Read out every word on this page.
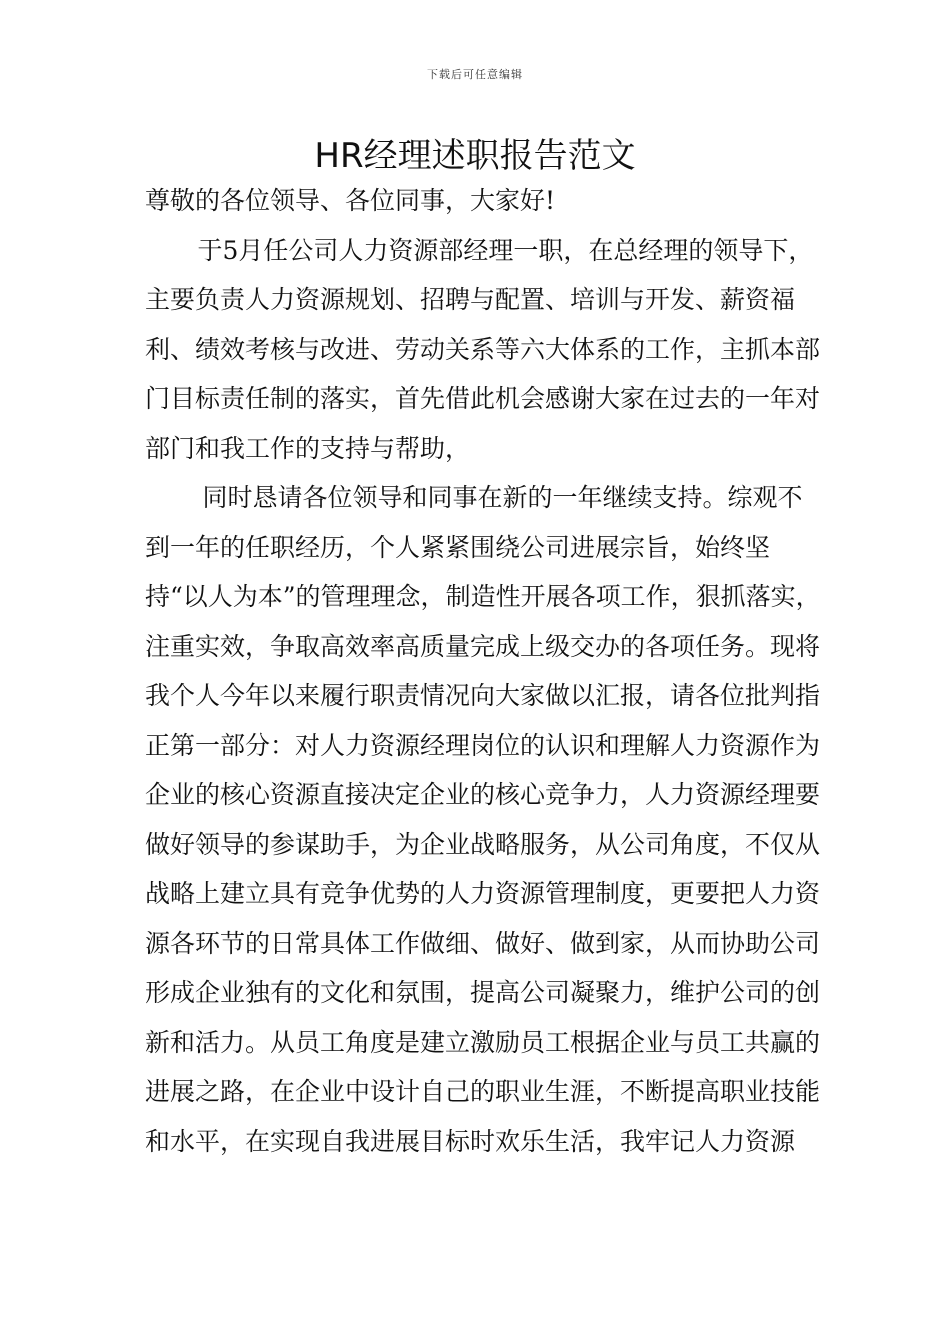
下载后可任意编辑
HR经理述职报告范文

尊敬的各位领导、各位同事，大家好!

于5月任公司人力资源部经理一职，在总经理的领导下，主要负责人力资源规划、招聘与配置、培训与开发、薪资福利、绩效考核与改进、劳动关系等六大体系的工作，主抓本部门目标责任制的落实，首先借此机会感谢大家在过去的一年对部门和我工作的支持与帮助，

同时恳请各位领导和同事在新的一年继续支持。综观不到一年的任职经历，个人紧紧围绕公司进展宗旨，始终坚持“以人为本”的管理理念，制造性开展各项工作，狠抓落实，注重实效，争取高效率高质量完成上级交办的各项任务。现将我个人今年以来履行职责情况向大家做以汇报，请各位批判指正第一部分：对人力资源经理岗位的认识和理解人力资源作为企业的核心资源直接决定企业的核心竞争力，人力资源经理要做好领导的参谋助手，为企业战略服务，从公司角度，不仅从战略上建立具有竞争优势的人力资源管理制度，更要把人力资源各环节的日常具体工作做细、做好、做到家，从而协助公司形成企业独有的文化和氛围，提高公司凝聚力，维护公司的创新和活力。从员工角度是建立激励员工根据企业与员工共赢的进展之路，在企业中设计自己的职业生涯，不断提高职业技能和水平，在实现自我进展目标时欢乐生活，我牢记人力资源
